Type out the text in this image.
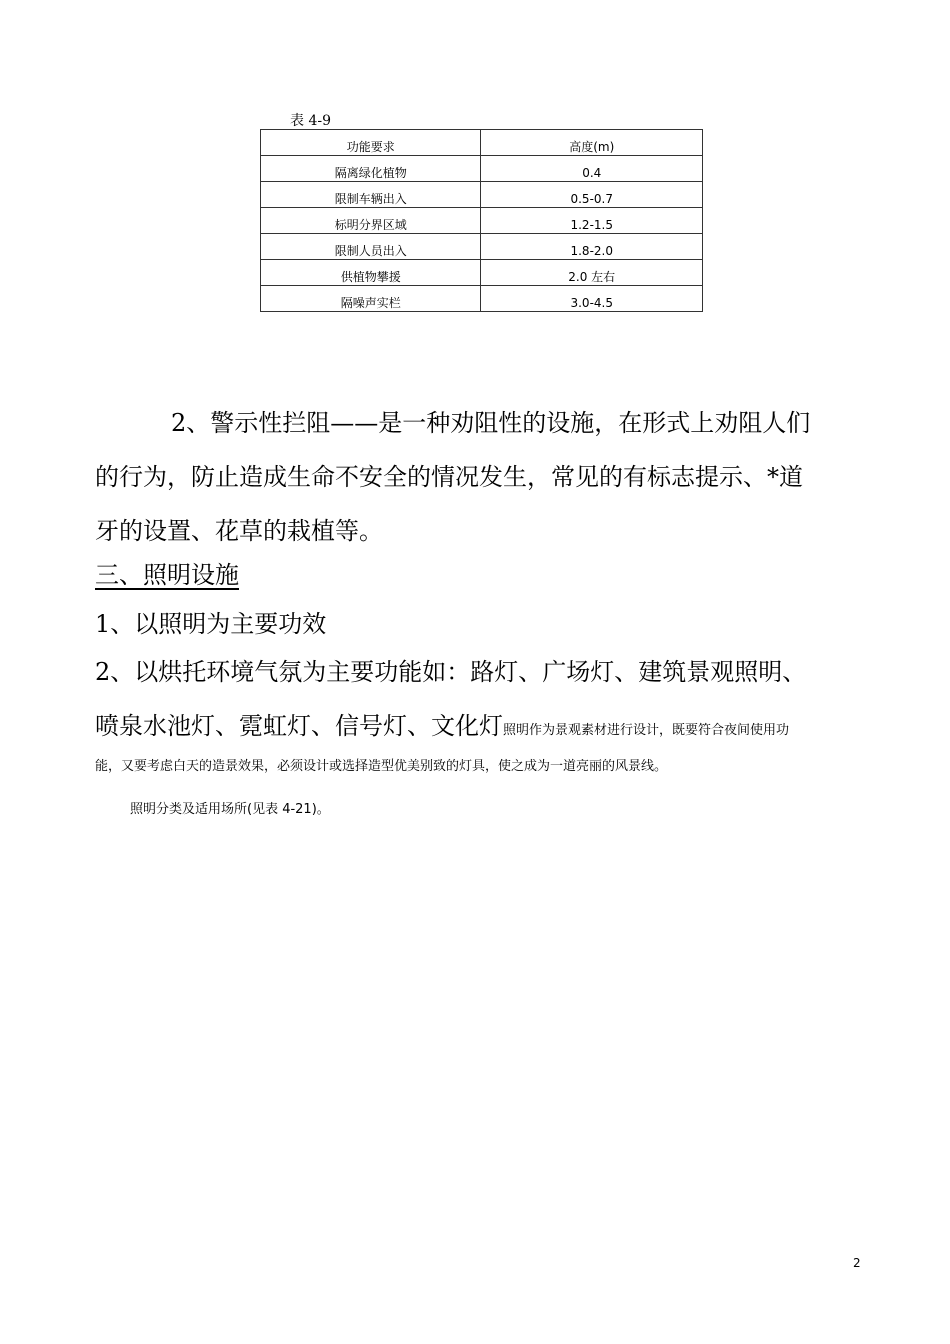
表 4-9
功能要求	高度(m)
隔离绿化植物	0.4
限制车辆出入	0.5-0.7
标明分界区域	1.2-1.5
限制人员出入	1.8-2.0
供植物攀援	2.0 左右
隔噪声实栏	3.0-4.5
2、警示性拦阻——是一种劝阻性的设施，在形式上劝阻人们
的行为，防止造成生命不安全的情况发生，常见的有标志提示、*道
牙的设置、花草的栽植等。
三、照明设施
1、以照明为主要功效
2、以烘托环境气氛为主要功能如：路灯、广场灯、建筑景观照明、
喷泉水池灯、霓虹灯、信号灯、文化灯照明作为景观素材进行设计，既要符合夜间使用功
能，又要考虑白天的造景效果，必须设计或选择造型优美别致的灯具，使之成为一道亮丽的风景线。
照明分类及适用场所(见表 4-21)。
2
